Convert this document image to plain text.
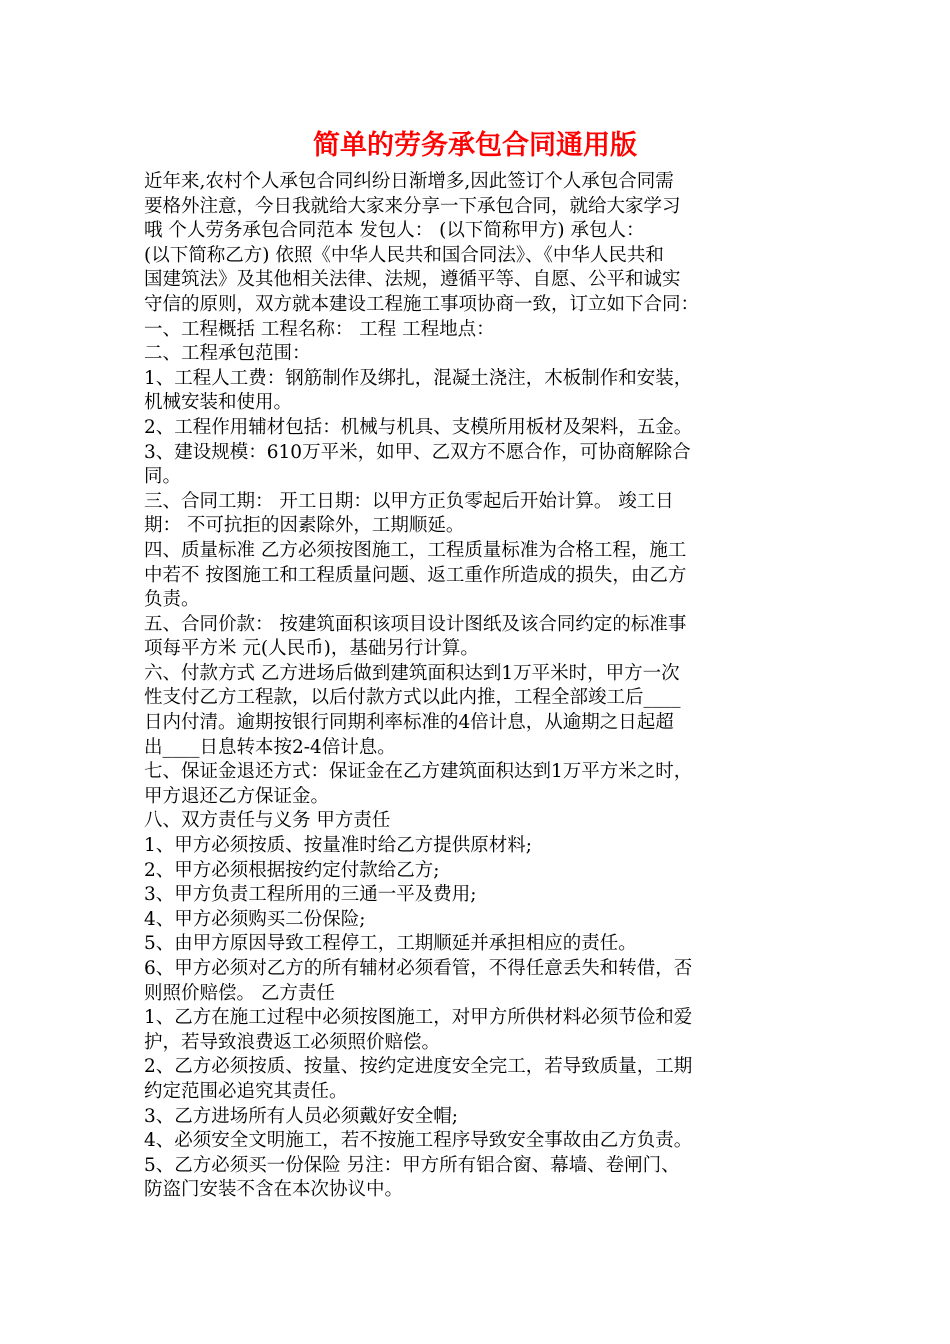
简单的劳务承包合同通用版
近年来,农村个人承包合同纠纷日渐增多,因此签订个人承包合同需
要格外注意，今日我就给大家来分享一下承包合同，就给大家学习
哦 个人劳务承包合同范本 发包人： (以下简称甲方) 承包人：
(以下简称乙方) 依照《中华人民共和国合同法》、《中华人民共和
国建筑法》及其他相关法律、法规，遵循平等、自愿、公平和诚实
守信的原则，双方就本建设工程施工事项协商一致，订立如下合同：
一、工程概括 工程名称： 工程 工程地点：
二、工程承包范围：
1、工程人工费：钢筋制作及绑扎，混凝土浇注，木板制作和安装，
机械安装和使用。
2、工程作用辅材包括：机械与机具、支模所用板材及架料，五金。
3、建设规模：610万平米，如甲、乙双方不愿合作，可协商解除合
同。
三、合同工期： 开工日期：以甲方正负零起后开始计算。 竣工日
期： 不可抗拒的因素除外，工期顺延。
四、质量标准 乙方必须按图施工，工程质量标准为合格工程，施工
中若不 按图施工和工程质量问题、返工重作所造成的损失，由乙方
负责。
五、合同价款： 按建筑面积该项目设计图纸及该合同约定的标准事
项每平方米 元(人民币)，基础另行计算。
六、付款方式 乙方进场后做到建筑面积达到1万平米时，甲方一次
性支付乙方工程款，以后付款方式以此内推，工程全部竣工后____
日内付清。逾期按银行同期利率标准的4倍计息，从逾期之日起超
出____日息转本按2-4倍计息。
七、保证金退还方式：保证金在乙方建筑面积达到1万平方米之时，
甲方退还乙方保证金。
八、双方责任与义务 甲方责任
1、甲方必须按质、按量准时给乙方提供原材料;
2、甲方必须根据按约定付款给乙方;
3、甲方负责工程所用的三通一平及费用;
4、甲方必须购买二份保险;
5、由甲方原因导致工程停工，工期顺延并承担相应的责任。
6、甲方必须对乙方的所有辅材必须看管，不得任意丢失和转借，否
则照价赔偿。 乙方责任
1、乙方在施工过程中必须按图施工，对甲方所供材料必须节俭和爱
护，若导致浪费返工必须照价赔偿。
2、乙方必须按质、按量、按约定进度安全完工，若导致质量，工期
约定范围必追究其责任。
3、乙方进场所有人员必须戴好安全帽;
4、必须安全文明施工，若不按施工程序导致安全事故由乙方负责。
5、乙方必须买一份保险 另注：甲方所有铝合窗、幕墙、卷闸门、
防盗门安装不含在本次协议中。
